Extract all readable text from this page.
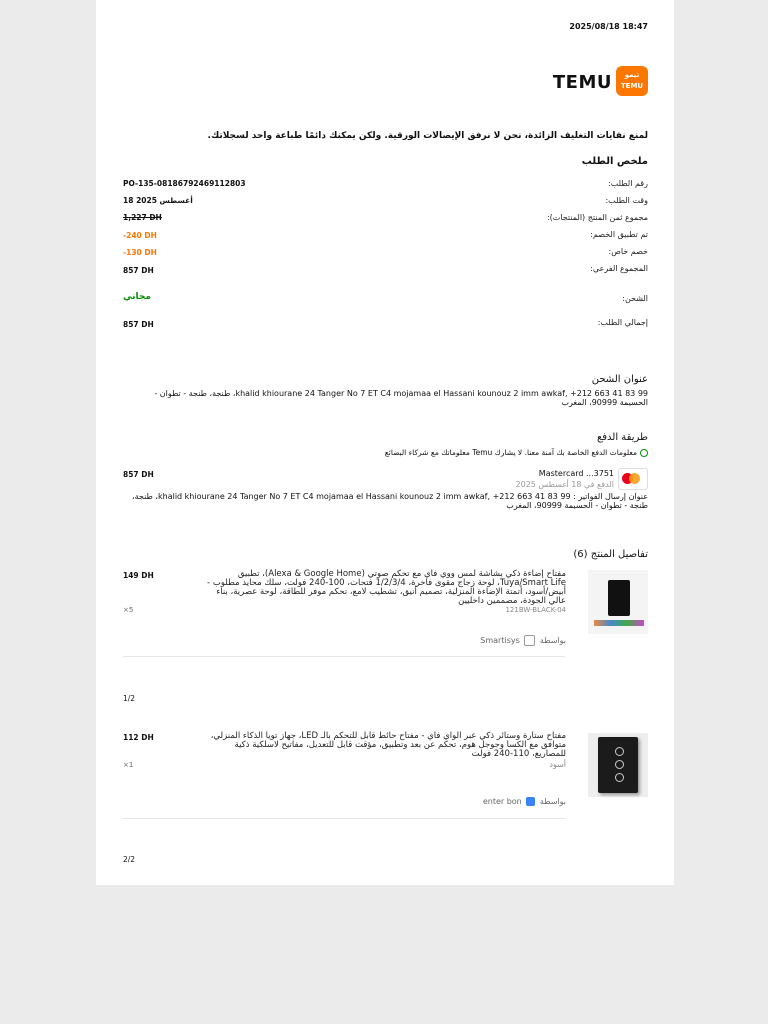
2025/08/18 18:47
TEMU	تيمو
TEMU
لمنع نفايات التغليف الزائدة، نحن لا نرفق الإيصالات الورقية. ولكن يمكنك دائمًا طباعة واحد لسجلاتك.
ملخص الطلب
رقم الطلب:
PO-135-08186792469112803
وقت الطلب:
18 أغسطس 2025
مجموع ثمن المنتج (المنتجات):
1,227 DH
تم تطبيق الخصم:
-240 DH
خصم خاص:
-130 DH
المجموع الفرعي:
857 DH
الشحن:
مجاني
إجمالي الطلب:
857 DH
عنوان الشحن
khalid khiourane 24 Tanger No 7 ET C4 mojamaa el Hassani kounouz 2 imm awkaf, +212 663 41 83 99، طنجة، طنجة - تطوان - الحسيمة 90999، المغرب
طريقة الدفع
معلومات الدفع الخاصة بك آمنة معنا. لا يشارك Temu معلوماتك مع شركاء البضائع
Mastercard ...3751
الدفع في 18 أغسطس 2025
857 DH
عنوان إرسال الفواتير : khalid khiourane 24 Tanger No 7 ET C4 mojamaa el Hassani kounouz 2 imm awkaf, +212 663 41 83 99، طنجة، طنجة - تطوان - الحسيمة 90999، المغرب
تفاصيل المنتج (6)
مفتاح إضاءة ذكي بشاشة لمس ووي فاي مع تحكم صوتي (Alexa & Google Home)، تطبيق Tuya/Smart Life، لوحة زجاج مقوى فاخرة، 1/2/3/4 فتحات، 100-240 فولت، سلك محايد مطلوب - أبيض/أسود، أتمتة الإضاءة المنزلية، تصميم أنيق، تشطيب لامع، تحكم موفر للطاقة، لوحة عصرية، بناء عالي الجودة، مصممين داخليين
121BW-BLACK-04
149 DH
×5
بواسطة  Smartisys
1/2
مفتاح ستارة وستائر ذكي عبر الواي فاي - مفتاح حائط قابل للتحكم بالـ LED، جهاز تويا الذكاء المنزلي، متوافق مع الكسا وجوجل هوم، تحكم عن بعد وتطبيق، مؤقت قابل للتعديل، مفاتيح لاسلكية ذكية للمصاريع، 110-240 فولت
أسود
112 DH
×1
بواسطة  enter bon
2/2
